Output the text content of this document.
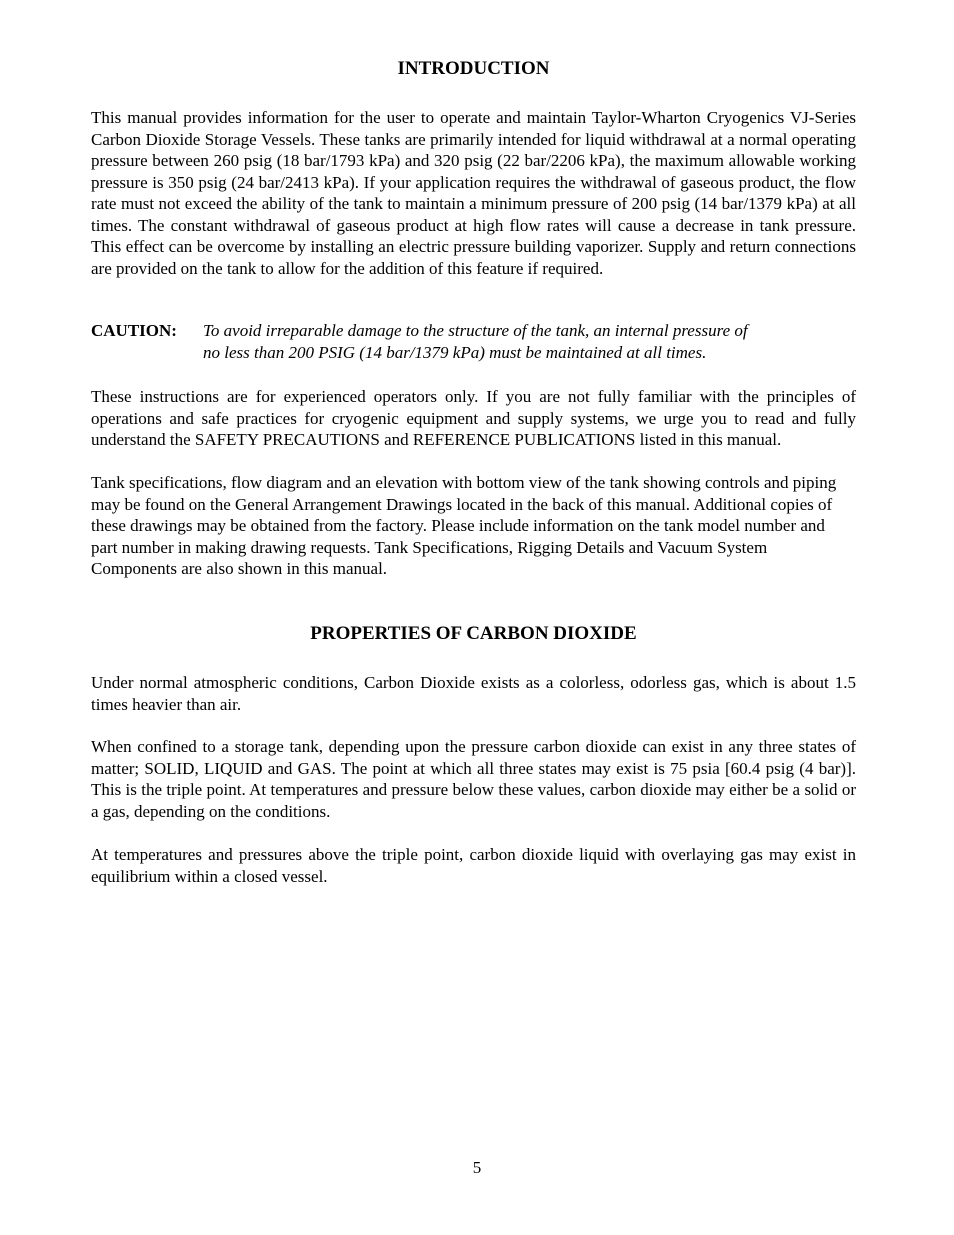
INTRODUCTION

This manual provides information for the user to operate and maintain Taylor-Wharton Cryogenics VJ-Series Carbon Dioxide Storage Vessels. These tanks are primarily intended for liquid withdrawal at a normal operating pressure between 260 psig (18 bar/1793 kPa) and 320 psig (22 bar/2206 kPa), the maximum allowable working pressure is 350 psig (24 bar/2413 kPa). If your application requires the withdrawal of gaseous product, the flow rate must not exceed the ability of the tank to maintain a minimum pressure of 200 psig (14 bar/1379 kPa) at all times. The constant withdrawal of gaseous product at high flow rates will cause a decrease in tank pressure. This effect can be overcome by installing an electric pressure building vaporizer. Supply and return connections are provided on the tank to allow for the addition of this feature if required.

CAUTION: To avoid irreparable damage to the structure of the tank, an internal pressure of
no less than 200 PSIG (14 bar/1379 kPa) must be maintained at all times.

These instructions are for experienced operators only. If you are not fully familiar with the principles of operations and safe practices for cryogenic equipment and supply systems, we urge you to read and fully understand the SAFETY PRECAUTIONS and REFERENCE PUBLICATIONS listed in this manual.

Tank specifications, flow diagram and an elevation with bottom view of the tank showing controls and piping may be found on the General Arrangement Drawings located in the back of this manual. Additional copies of these drawings may be obtained from the factory. Please include information on the tank model number and part number in making drawing requests. Tank Specifications, Rigging Details and Vacuum System Components are also shown in this manual.

PROPERTIES OF CARBON DIOXIDE

Under normal atmospheric conditions, Carbon Dioxide exists as a colorless, odorless gas, which is about 1.5 times heavier than air.

When confined to a storage tank, depending upon the pressure carbon dioxide can exist in any three states of matter; SOLID, LIQUID and GAS. The point at which all three states may exist is 75 psia [60.4 psig (4 bar)]. This is the triple point. At temperatures and pressure below these values, carbon dioxide may either be a solid or a gas, depending on the conditions.

At temperatures and pressures above the triple point, carbon dioxide liquid with overlaying gas may exist in equilibrium within a closed vessel.

5
